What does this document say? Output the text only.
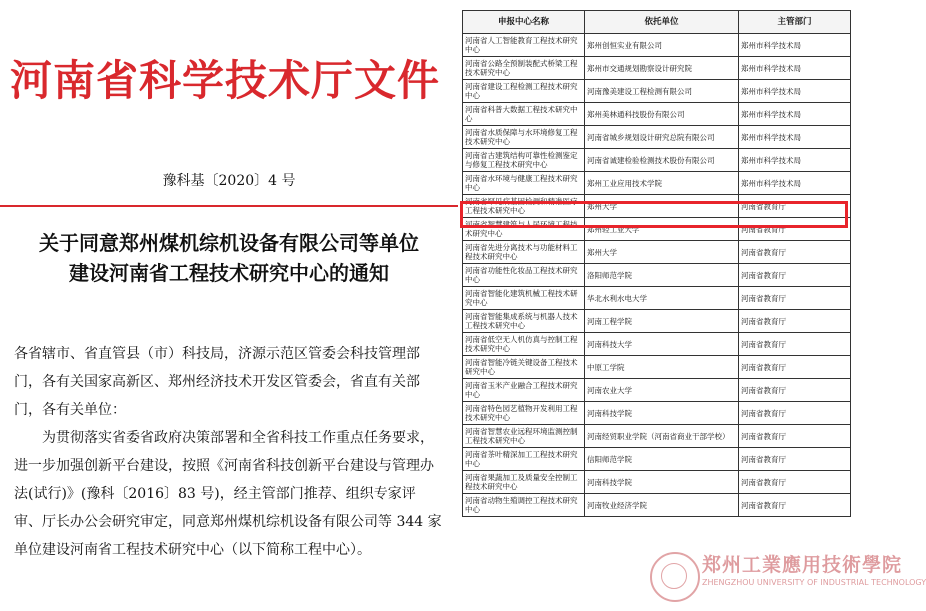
河南省科学技术厅文件
豫科基〔2020〕4 号
关于同意郑州煤机综机设备有限公司等单位
建设河南省工程技术研究中心的通知

各省辖市、省直管县（市）科技局，济源示范区管委会科技管理部门，各有关国家高新区、郑州经济技术开发区管委会，省直有关部门，各有关单位：

为贯彻落实省委省政府决策部署和全省科技工作重点任务要求，进一步加强创新平台建设，按照《河南省科技创新平台建设与管理办法(试行)》(豫科〔2016〕83 号)，经主管部门推荐、组织专家评审、厅长办公会研究审定，同意郑州煤机综机设备有限公司等 344 家单位建设河南省工程技术研究中心（以下简称工程中心）。

申报中心名称	依托单位	主管部门
河南省人工智能教育工程技术研究中心	郑州创恒实业有限公司	郑州市科学技术局
河南省公路全预制装配式桥梁工程技术研究中心	郑州市交通规划勘察设计研究院	郑州市科学技术局
河南省建设工程检测工程技术研究中心	河南豫美建设工程检测有限公司	郑州市科学技术局
河南省科普大数据工程技术研究中心	郑州美林通科技股份有限公司	郑州市科学技术局
河南省水质保障与水环境修复工程技术研究中心	河南省城乡规划设计研究总院有限公司	郑州市科学技术局
河南省古建筑结构可靠性检测鉴定与修复工程技术研究中心	河南省诚建检验检测技术股份有限公司	郑州市科学技术局
河南省水环境与健康工程技术研究中心	郑州工业应用技术学院	郑州市科学技术局
河南省罕见病基因检测和精准医疗工程技术研究中心	郑州大学	河南省教育厅
河南省智慧建筑与人居环境工程技术研究中心	郑州轻工业大学	河南省教育厅
河南省先进分离技术与功能材料工程技术研究中心	郑州大学	河南省教育厅
河南省功能性化妆品工程技术研究中心	洛阳师范学院	河南省教育厅
河南省智能化建筑机械工程技术研究中心	华北水利水电大学	河南省教育厅
河南省智能集成系统与机器人技术工程技术研究中心	河南工程学院	河南省教育厅
河南省低空无人机仿真与控制工程技术研究中心	河南科技大学	河南省教育厅
河南省智能冷链关键设备工程技术研究中心	中原工学院	河南省教育厅
河南省玉米产业融合工程技术研究中心	河南农业大学	河南省教育厅
河南省特色园艺植物开发利用工程技术研究中心	河南科技学院	河南省教育厅
河南省智慧农业远程环境监测控制工程技术研究中心	河南经贸职业学院（河南省商业干部学校）	河南省教育厅
河南省茶叶精深加工工程技术研究中心	信阳师范学院	河南省教育厅
河南省果蔬加工及质量安全控制工程技术研究中心	河南科技学院	河南省教育厅
河南省动物生殖调控工程技术研究中心	河南牧业经济学院	河南省教育厅
郑州工業應用技術學院
ZHENGZHOU UNIVERSITY OF INDUSTRIAL TECHNOLOGY
